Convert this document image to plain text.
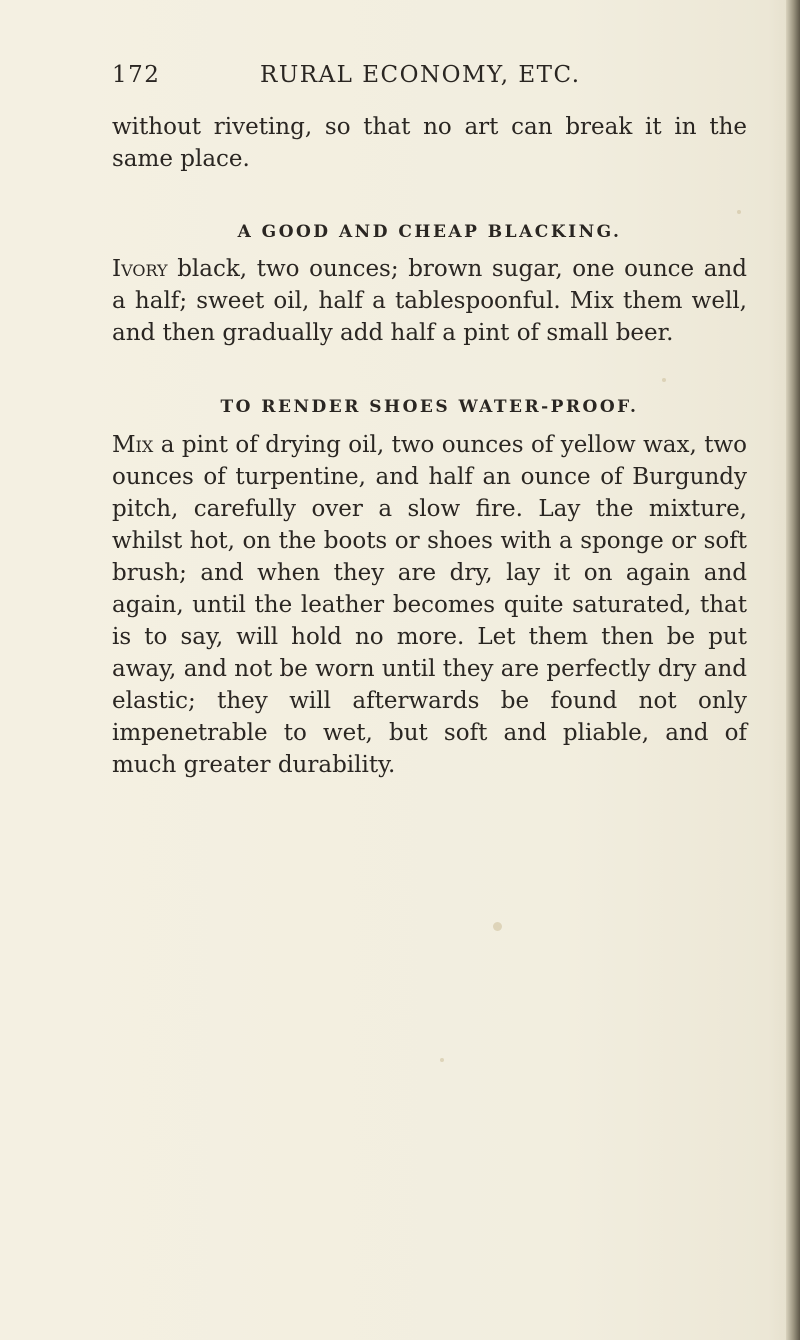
172	RURAL ECONOMY, ETC.

without riveting, so that no art can break it in the same place.

A GOOD AND CHEAP BLACKING.

Ivory black, two ounces; brown sugar, one ounce and a half; sweet oil, half a tablespoonful. Mix them well, and then gradually add half a pint of small beer.

TO RENDER SHOES WATER-PROOF.

Mix a pint of drying oil, two ounces of yellow wax, two ounces of turpentine, and half an ounce of Burgundy pitch, carefully over a slow fire. Lay the mixture, whilst hot, on the boots or shoes with a sponge or soft brush; and when they are dry, lay it on again and again, until the leather becomes quite saturated, that is to say, will hold no more. Let them then be put away, and not be worn until they are perfectly dry and elastic; they will afterwards be found not only impenetrable to wet, but soft and pliable, and of much greater durability.
